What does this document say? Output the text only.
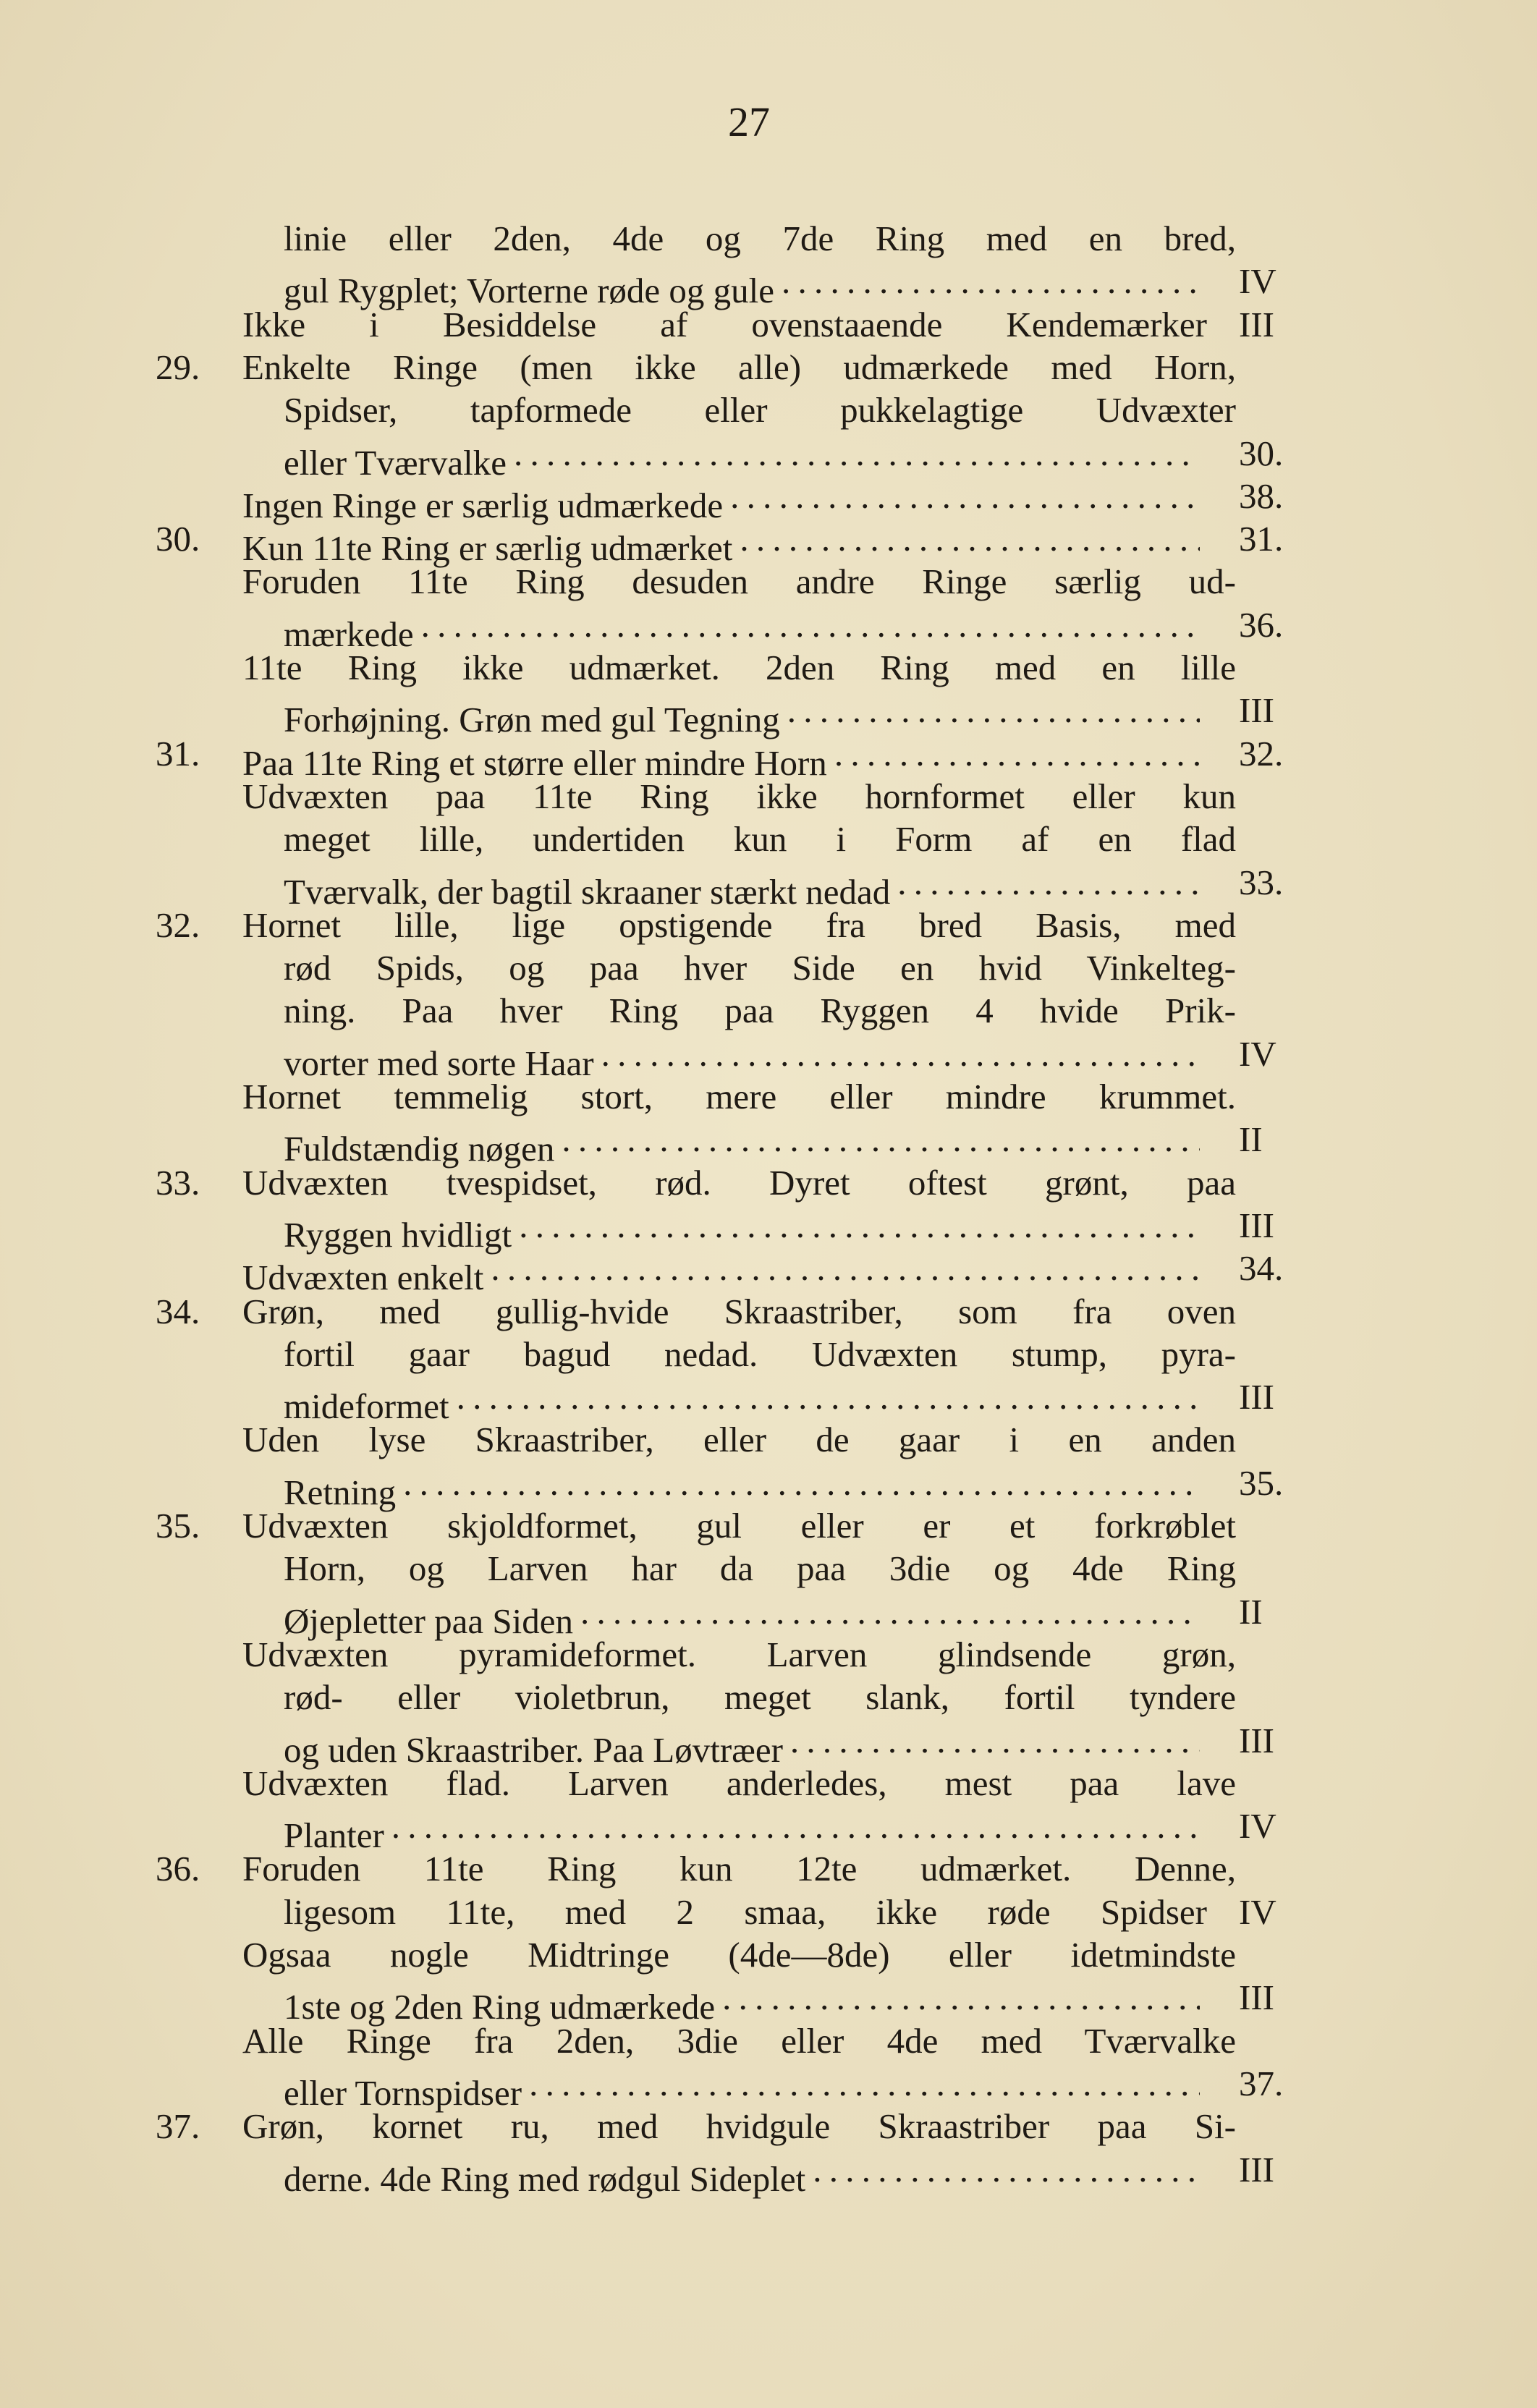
27
linie eller 2den, 4de og 7de Ring med en bred,
gul Rygplet; Vorterne røde og gule . . .	IV
Ikke i Besiddelse af ovenstaaende Kendemærker III
29. Enkelte Ringe (men ikke alle) udmærkede med Horn,
Spidser, tapformede eller pukkelagtige Udvæxter
eller Tværvalke . . .	30.
Ingen Ringe er særlig udmærkede . . .	38.
30. Kun 11te Ring er særlig udmærket . . .	31.
Foruden 11te Ring desuden andre Ringe særlig ud-
mærkede . . .	36.
11te Ring ikke udmærket. 2den Ring med en lille
Forhøjning. Grøn med gul Tegning . . .	III
31. Paa 11te Ring et større eller mindre Horn . . .	32.
Udvæxten paa 11te Ring ikke hornformet eller kun
meget lille, undertiden kun i Form af en flad
Tværvalk, der bagtil skraaner stærkt nedad . . .	33.
32. Hornet lille, lige opstigende fra bred Basis, med
rød Spids, og paa hver Side en hvid Vinkelteg-
ning. Paa hver Ring paa Ryggen 4 hvide Prik-
vorter med sorte Haar . . .	IV
Hornet temmelig stort, mere eller mindre krummet.
Fuldstændig nøgen . . .	II
33. Udvæxten tvespidset, rød. Dyret oftest grønt, paa
Ryggen hvidligt . . .	III
Udvæxten enkelt . . .	34.
34. Grøn, med gullig-hvide Skraastriber, som fra oven
fortil gaar bagud nedad. Udvæxten stump, pyra-
mideformet . . .	III
Uden lyse Skraastriber, eller de gaar i en anden
Retning . . .	35.
35. Udvæxten skjoldformet, gul eller er et forkrøblet
Horn, og Larven har da paa 3die og 4de Ring
Øjepletter paa Siden . . .	II
Udvæxten pyramideformet. Larven glindsende grøn,
rød- eller violetbrun, meget slank, fortil tyndere
og uden Skraastriber. Paa Løvtræer . . .	III
Udvæxten flad. Larven anderledes, mest paa lave
Planter . . .	IV
36. Foruden 11te Ring kun 12te udmærket. Denne,
ligesom 11te, med 2 smaa, ikke røde Spidser IV
Ogsaa nogle Midtringe (4de—8de) eller idetmindste
1ste og 2den Ring udmærkede . . .	III
Alle Ringe fra 2den, 3die eller 4de med Tværvalke
eller Tornspidser . . .	37.
37. Grøn, kornet ru, med hvidgule Skraastriber paa Si-
derne. 4de Ring med rødgul Sideplet . . .	III
